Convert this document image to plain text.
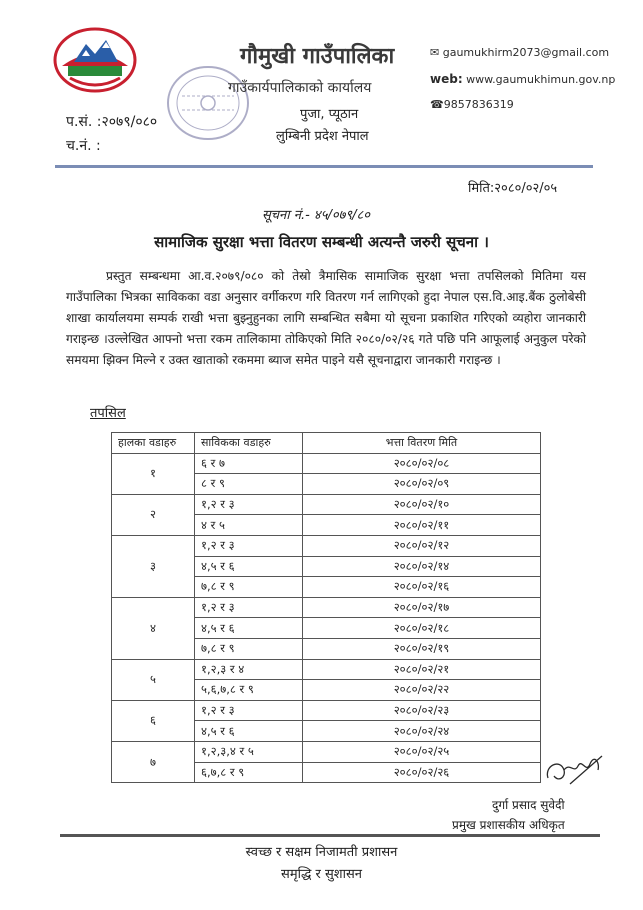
गौमुखी गाउँपालिका
गाउँकार्यपालिकाको कार्यालय
पुजा, प्यूठान
लुम्बिनी प्रदेश नेपाल
✉ gaumukhirm2073@gmail.com
web: www.gaumukhimun.gov.np
☎9857836319
प.सं. :२०७९/०८०
च.नं. :
मिति:२०८०/०२/०५
सूचना नं.- ४५/०७९/८०
सामाजिक सुरक्षा भत्ता वितरण सम्बन्धी अत्यन्तै जरुरी सूचना ।
प्रस्तुत सम्बन्धमा आ.व.२०७९/०८० को तेस्रो त्रैमासिक सामाजिक सुरक्षा भत्ता तपसिलको मितिमा यस गाउँपालिका भित्रका साविकका वडा अनुसार वर्गीकरण गरि वितरण गर्न लागिएको हुदा नेपाल एस.वि.आइ.बैंक ठुलोबेसी शाखा कार्यालयमा सम्पर्क राखी भत्ता बुझ्नुहुनका लागि सम्बन्धित सबैमा यो सूचना प्रकाशित गरिएको व्यहोरा जानकारी गराइन्छ ।उल्लेखित आफ्नो भत्ता रकम तालिकामा तोकिएको मिति २०८०/०२/२६ गते पछि पनि आफूलाई अनुकुल परेको समयमा झिक्न मिल्ने र उक्त खाताको रकममा ब्याज समेत पाइने यसै सूचनाद्वारा जानकारी गराइन्छ ।
तपसिल
हालका वडाहरु	साविकका वडाहरु	भत्ता वितरण मिति
१	६ र ७	२०८०/०२/०८
	८ र ९	२०८०/०२/०९
२	१,२ र ३	२०८०/०२/१०
	४ र ५	२०८०/०२/११
३	१,२ र ३	२०८०/०२/१२
	४,५ र ६	२०८०/०२/१४
	७,८ र ९	२०८०/०२/१६
४	१,२ र ३	२०८०/०२/१७
	४,५ र ६	२०८०/०२/१८
	७,८ र ९	२०८०/०२/१९
५	१,२,३ र ४	२०८०/०२/२१
	५,६,७,८ र ९	२०८०/०२/२२
६	१,२ र ३	२०८०/०२/२३
	४,५ र ६	२०८०/०२/२४
७	१,२,३,४ र ५	२०८०/०२/२५
	६,७,८ र ९	२०८०/०२/२६
दुर्गा प्रसाद सुवेदी
प्रमुख प्रशासकीय अधिकृत
स्वच्छ र सक्षम निजामती प्रशासन
समृद्धि र सुशासन
